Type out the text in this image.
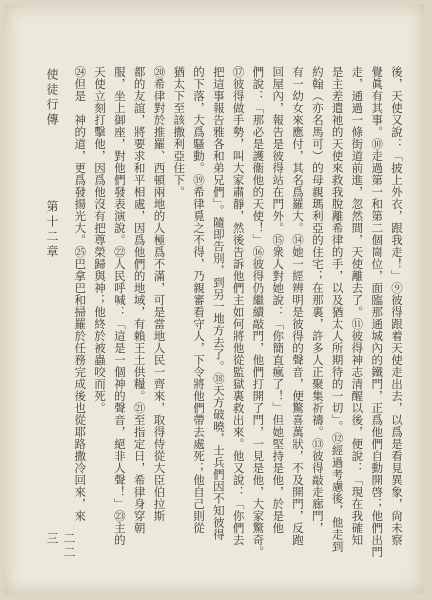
使徒行傳
第十二章
二二三	後，天使又說：「披上外衣，跟我走！」⑨彼得跟着天使走出去，以爲是看見異象，尙未察

覺眞有其事。⑩走過第一和第二個崗位，面臨那通城內的鐵門，正爲他們自動開啓；他們出門

走，通過一條街道前進，忽然間，天使離去了。⑪彼得神志清醒以後，便說：「現在我確知

是主差遣祂的天使來救我脫離希律的手，以及猶太人所期待的一切」。⑫經過考慮後，他走到

約翰（亦名馬可）的母親瑪利亞的住宅；在那裏，許多人正聚集祈禱。⑬彼得敲走廊門，

有一幼女來應付，其名爲羅大。⑭她一經辨明是彼得的聲音，便驚喜萬狀，不及開門，反跑

回屋內，報告是彼得站在門外。⑮衆人對她說：「你簡直瘋了！」但她堅持是他，於是他

們說：「那必是護衞他的天使！」⑯彼得仍繼續敲門，他們打開了門，一見是他，大家驚奇。

⑰彼得做手勢，叫大家肅靜，然後告訴他們主如何將他從監獄裏救出來。他又說：「你們去

把這事報告雅各和弟兄們」。隨即告別，到另一地方去了。⑱天方破曉，士兵們因不知彼得

的下落，大爲騷動。⑲希律覓之不得，乃親審看守人，下令將他們帶去處死；他自己則從

猶太下至該撒利亞住下。

⑳希律對於推羅、西頓兩地的人極爲不滿，可是當地人民一齊來，取得侍從大臣伯拉斯

都的友誼，將要求和平相處，因爲他們的地域，有賴王土供糧。㉑至指定日，希律身穿朝

服，坐上御座，對他們發表演說。㉒人民呼喊：「這是一個神的聲音，絕非人聲！」㉓主的

天使立刻打擊他，因爲他沒有把尊榮歸與神；他終於被蟲咬而死。

㉔但是　神的道，更爲發揚光大。㉕巴拿巴和掃羅於任務完成後也從耶路撒冷回來，來
